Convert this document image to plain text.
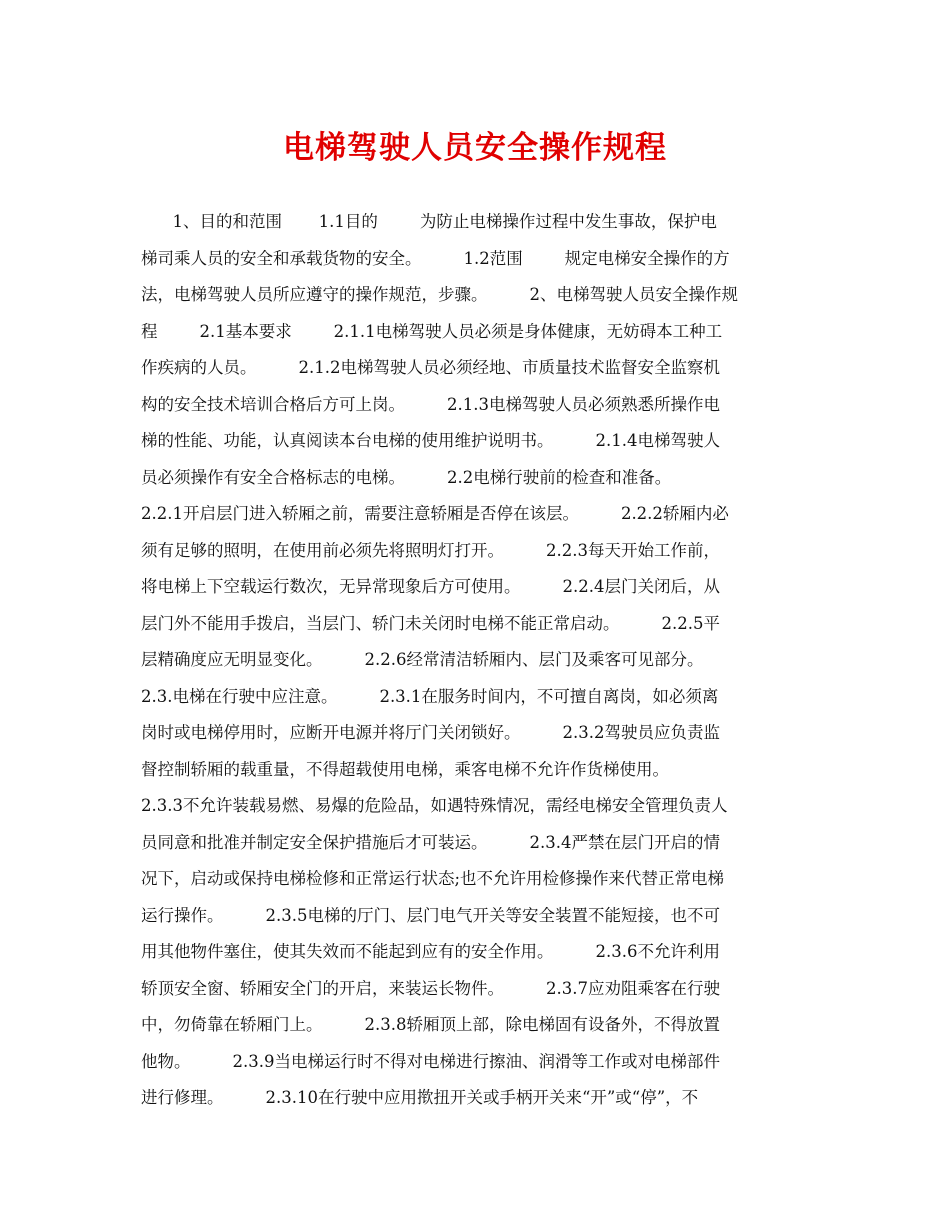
电梯驾驶人员安全操作规程
1、目的和范围       1.1目的        为防止电梯操作过程中发生事故，保护电
梯司乘人员的安全和承载货物的安全。        1.2范围        规定电梯安全操作的方
法，电梯驾驶人员所应遵守的操作规范，步骤。        2、电梯驾驶人员安全操作规
程        2.1基本要求        2.1.1电梯驾驶人员必须是身体健康，无妨碍本工种工
作疾病的人员。        2.1.2电梯驾驶人员必须经地、市质量技术监督安全监察机
构的安全技术培训合格后方可上岗。        2.1.3电梯驾驶人员必须熟悉所操作电
梯的性能、功能，认真阅读本台电梯的使用维护说明书。        2.1.4电梯驾驶人
员必须操作有安全合格标志的电梯。        2.2电梯行驶前的检查和准备。
2.2.1开启层门进入轿厢之前，需要注意轿厢是否停在该层。        2.2.2轿厢内必
须有足够的照明，在使用前必须先将照明灯打开。        2.2.3每天开始工作前，
将电梯上下空载运行数次，无异常现象后方可使用。        2.2.4层门关闭后，从
层门外不能用手拨启，当层门、轿门未关闭时电梯不能正常启动。        2.2.5平
层精确度应无明显变化。        2.2.6经常清洁轿厢内、层门及乘客可见部分。
2.3.电梯在行驶中应注意。        2.3.1在服务时间内，不可擅自离岗，如必须离
岗时或电梯停用时，应断开电源并将厅门关闭锁好。        2.3.2驾驶员应负责监
督控制轿厢的载重量，不得超载使用电梯，乘客电梯不允许作货梯使用。
2.3.3不允许装载易燃、易爆的危险品，如遇特殊情况，需经电梯安全管理负责人
员同意和批准并制定安全保护措施后才可装运。        2.3.4严禁在层门开启的情
况下，启动或保持电梯检修和正常运行状态;也不允许用检修操作来代替正常电梯
运行操作。        2.3.5电梯的厅门、层门电气开关等安全装置不能短接，也不可
用其他物件塞住，使其失效而不能起到应有的安全作用。        2.3.6不允许利用
轿顶安全窗、轿厢安全门的开启，来装运长物件。        2.3.7应劝阻乘客在行驶
中，勿倚靠在轿厢门上。        2.3.8轿厢顶上部，除电梯固有设备外，不得放置
他物。        2.3.9当电梯运行时不得对电梯进行擦油、润滑等工作或对电梯部件
进行修理。        2.3.10在行驶中应用揿扭开关或手柄开关来“开”或“停”，不
